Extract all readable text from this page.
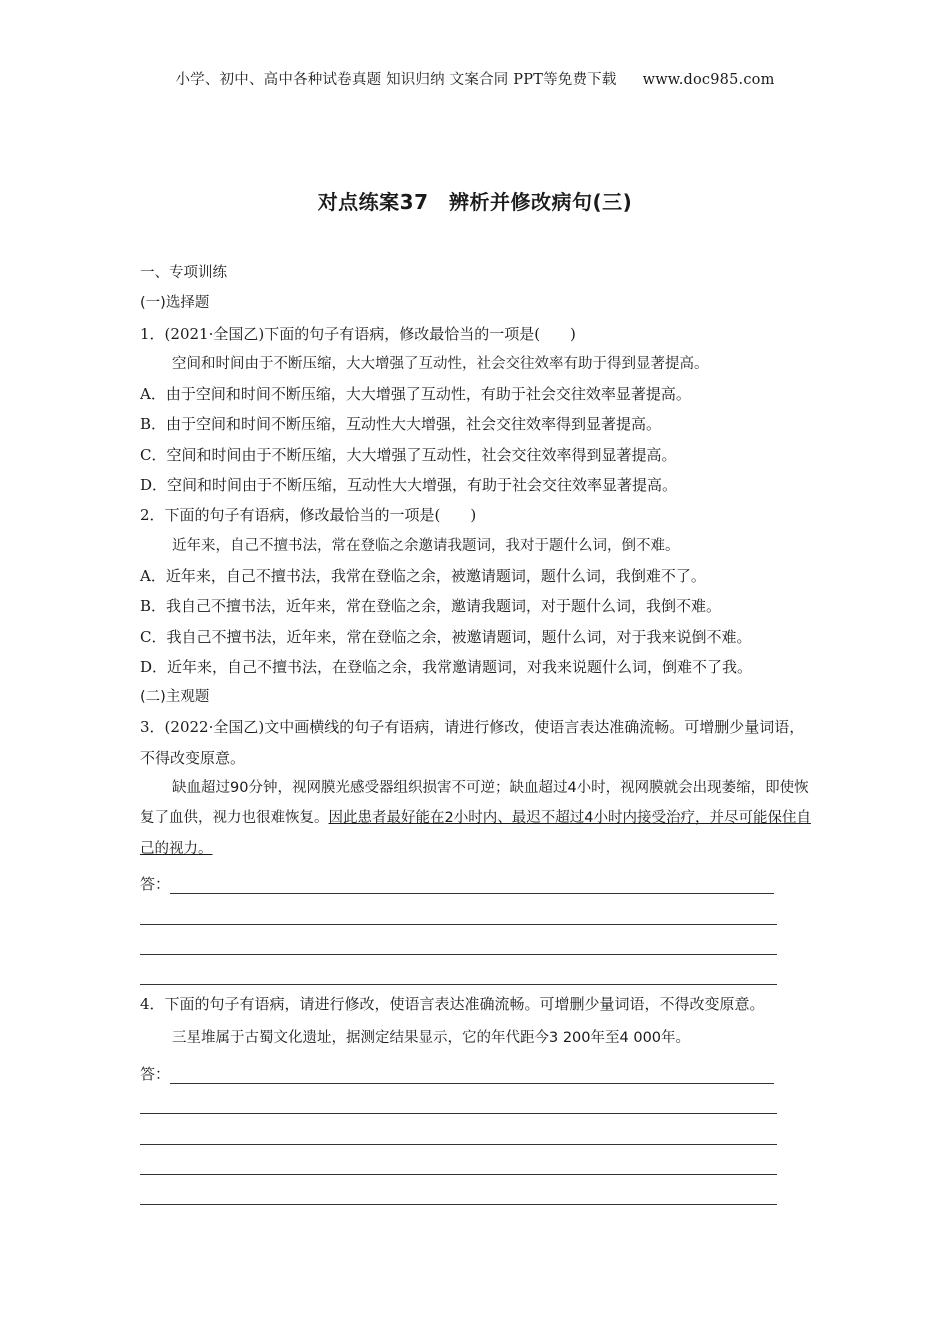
小学、初中、高中各种试卷真题 知识归纳 文案合同 PPT等免费下载 www.doc985.com
对点练案37　辨析并修改病句(三)
一、专项训练
(一)选择题
1．(2021·全国乙)下面的句子有语病，修改最恰当的一项是(　　)
空间和时间由于不断压缩，大大增强了互动性，社会交往效率有助于得到显著提高。
A．由于空间和时间不断压缩，大大增强了互动性，有助于社会交往效率显著提高。
B．由于空间和时间不断压缩，互动性大大增强，社会交往效率得到显著提高。
C．空间和时间由于不断压缩，大大增强了互动性，社会交往效率得到显著提高。
D．空间和时间由于不断压缩，互动性大大增强，有助于社会交往效率显著提高。
2．下面的句子有语病，修改最恰当的一项是(　　)
近年来，自己不擅书法，常在登临之余邀请我题词，我对于题什么词，倒不难。
A．近年来，自己不擅书法，我常在登临之余，被邀请题词，题什么词，我倒难不了。
B．我自己不擅书法，近年来，常在登临之余，邀请我题词，对于题什么词，我倒不难。
C．我自己不擅书法，近年来，常在登临之余，被邀请题词，题什么词，对于我来说倒不难。
D．近年来，自己不擅书法，在登临之余，我常邀请题词，对我来说题什么词，倒难不了我。
(二)主观题
3．(2022·全国乙)文中画横线的句子有语病，请进行修改，使语言表达准确流畅。可增删少量词语，不得改变原意。
缺血超过90分钟，视网膜光感受器组织损害不可逆；缺血超过4小时，视网膜就会出现萎缩，即使恢复了血供，视力也很难恢复。因此患者最好能在2小时内、最迟不超过4小时内接受治疗，并尽可能保住自己的视力。
答：
4．下面的句子有语病，请进行修改，使语言表达准确流畅。可增删少量词语，不得改变原意。
三星堆属于古蜀文化遗址，据测定结果显示，它的年代距今3 200年至4 000年。
答：
